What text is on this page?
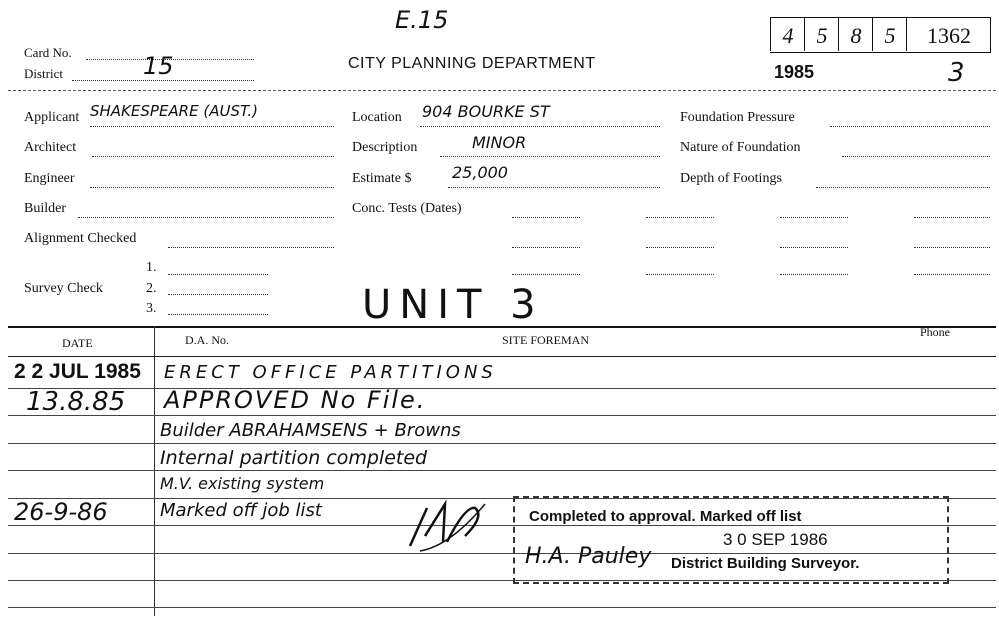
E.15
Card No.	15
District
CITY PLANNING DEPARTMENT
4	5	8	5	1362
1985	3
Applicant SHAKESPEARE (AUST.)
Architect
Engineer
Builder
Alignment Checked
Survey Check
1.
2.
3.
Location 904 BOURKE ST
Description	MINOR
Estimate $	25,000
Conc. Tests (Dates)
Foundation Pressure
Nature of Foundation
Depth of Footings
UNIT 3
DATE	D.A. No.	SITE FOREMAN
Phone
2 2 JUL 1985 ERECT OFFICE PARTITIONS
13.8.85 APPROVED No File.
Builder ABRAHAMSENS + Browns
Internal partition completed
M.V. existing system
26-9-86	Marked off job list	Completed to approval. Marked off list
3 0 SEP 1986
H.A. Pauley District Building Surveyor.
